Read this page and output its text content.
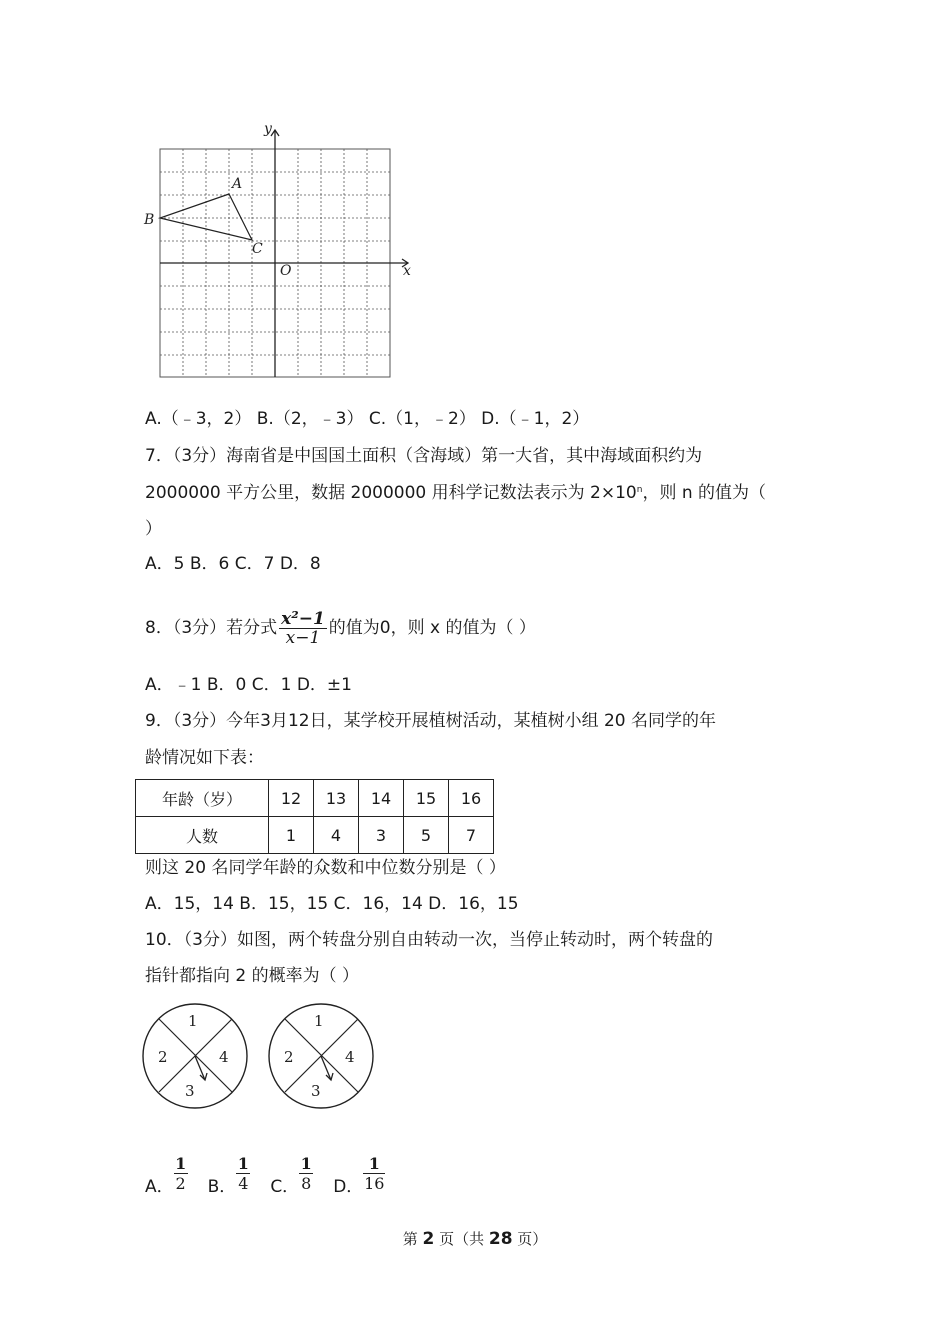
x
y
O
A
B
C
A.（﹣3，2） B.（2，﹣3） C.（1，﹣2） D.（﹣1，2）
7．（3分）海南省是中国国土面积（含海域）第一大省，其中海域面积约为
2000000 平方公里，数据 2000000 用科学记数法表示为 $2\times 10^n$，则 n 的值为（
）
A．5 B．6 C．7 D．8
8．（3分）若分式 $\frac{\text{x²−1}}{x-1}$ 的值为0，则 x 的值为（ ）
A．﹣1 B．0 C．1 D．±1
9．（3分）今年3月12日，某学校开展植树活动，某植树小组 20 名同学的年
龄情况如下表：
年龄（岁）	12	13	14	15	16
人数	1	4	3	5	7
则这 20 名同学年龄的众数和中位数分别是（ ）
A．15，14 B．15，15 C．16，14 D．16，15
10．（3分）如图，两个转盘分别自由转动一次，当停止转动时，两个转盘的
指针都指向 2 的概率为（ ）
1
2
3
4
1
2
3
4
A． $\frac{1}{2}$ B． $\frac{1}{4}$ C． $\frac{1}{8}$ D． $\frac{1}{16}$
第 2 页（共 28 页）
